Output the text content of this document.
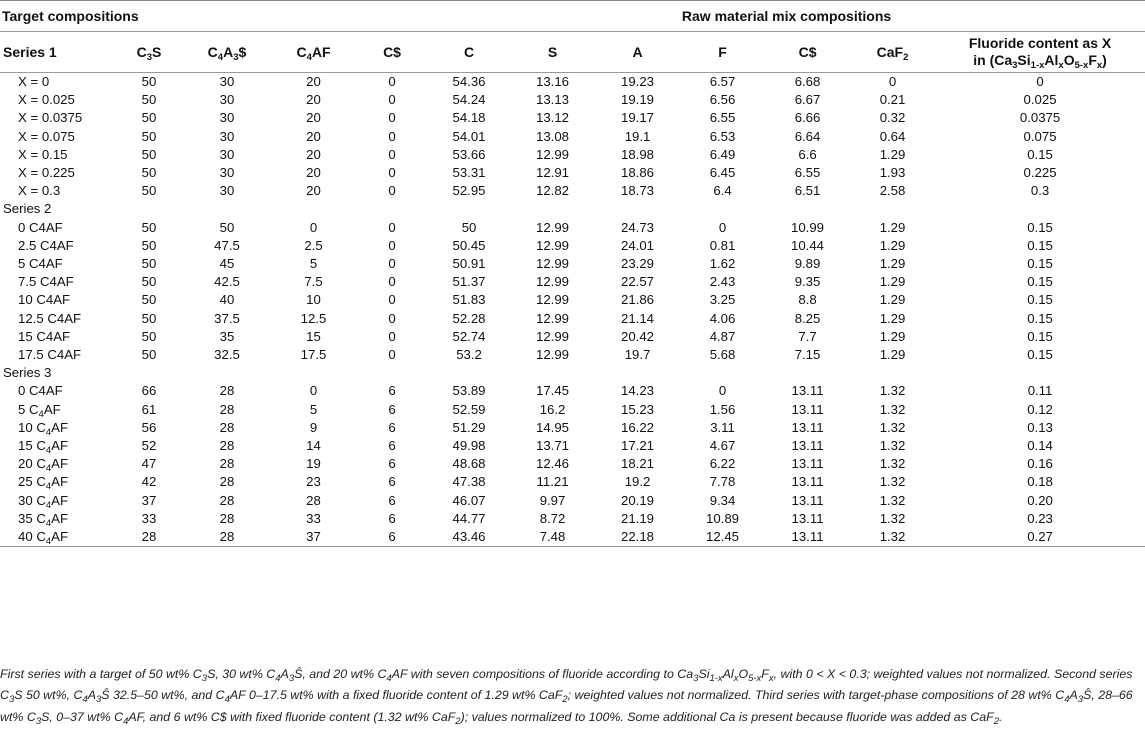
Target compositions					Raw material mix compositions						
Series 1	$C_3S$	$C_4A_3\$$	$C_4AF$	C$	C	S	A	F	C$	CaF$_2$	Fluoride content as X
in $(Ca_3Si_{1-x}Al_xO_{5-x}F_x)$
X = 0	50	30	20	0	54.36	13.16	19.23	6.57	6.68	0	0
X = 0.025	50	30	20	0	54.24	13.13	19.19	6.56	6.67	0.21	0.025
X = 0.0375	50	30	20	0	54.18	13.12	19.17	6.55	6.66	0.32	0.0375
X = 0.075	50	30	20	0	54.01	13.08	19.1	6.53	6.64	0.64	0.075
X = 0.15	50	30	20	0	53.66	12.99	18.98	6.49	6.6	1.29	0.15
X = 0.225	50	30	20	0	53.31	12.91	18.86	6.45	6.55	1.93	0.225
X = 0.3	50	30	20	0	52.95	12.82	18.73	6.4	6.51	2.58	0.3
Series 2											
0 C4AF	50	50	0	0	50	12.99	24.73	0	10.99	1.29	0.15
2.5 C4AF	50	47.5	2.5	0	50.45	12.99	24.01	0.81	10.44	1.29	0.15
5 C4AF	50	45	5	0	50.91	12.99	23.29	1.62	9.89	1.29	0.15
7.5 C4AF	50	42.5	7.5	0	51.37	12.99	22.57	2.43	9.35	1.29	0.15
10 C4AF	50	40	10	0	51.83	12.99	21.86	3.25	8.8	1.29	0.15
12.5 C4AF	50	37.5	12.5	0	52.28	12.99	21.14	4.06	8.25	1.29	0.15
15 C4AF	50	35	15	0	52.74	12.99	20.42	4.87	7.7	1.29	0.15
17.5 C4AF	50	32.5	17.5	0	53.2	12.99	19.7	5.68	7.15	1.29	0.15
Series 3											
0 C4AF	66	28	0	6	53.89	17.45	14.23	0	13.11	1.32	0.11
5 $C_4AF$	61	28	5	6	52.59	16.2	15.23	1.56	13.11	1.32	0.12
10 $C_4AF$	56	28	9	6	51.29	14.95	16.22	3.11	13.11	1.32	0.13
15 $C_4AF$	52	28	14	6	49.98	13.71	17.21	4.67	13.11	1.32	0.14
20 $C_4AF$	47	28	19	6	48.68	12.46	18.21	6.22	13.11	1.32	0.16
25 $C_4AF$	42	28	23	6	47.38	11.21	19.2	7.78	13.11	1.32	0.18
30 $C_4AF$	37	28	28	6	46.07	9.97	20.19	9.34	13.11	1.32	0.20
35 $C_4AF$	33	28	33	6	44.77	8.72	21.19	10.89	13.11	1.32	0.23
40 $C_4AF$	28	28	37	6	43.46	7.48	22.18	12.45	13.11	1.32	0.27
First series with a target of 50 wt% $C_3S$, 30 wt% $C_4A_3Ŝ$, and 20 wt% $C_4AF$ with seven compositions of fluoride according to $Ca_3Si_{1-x}Al_xO_{5-x}F_x$, with 0 < X < 0.3; weighted values not normalized. Second series $C_3S$ 50 wt%, $C_4A_3Ŝ$ 32.5–50 wt%, and $C_4AF$ 0–17.5 wt% with a fixed fluoride content of 1.29 wt% CaF$_2$; weighted values not normalized. Third series with target-phase compositions of 28 wt% $C_4A_3Ŝ$, 28–66 wt% $C_3S$, 0–37 wt% $C_4AF$, and 6 wt% C$ with fixed fluoride content (1.32 wt% CaF$_2$); values normalized to 100%. Some additional Ca is present because fluoride was added as CaF$_2$.
